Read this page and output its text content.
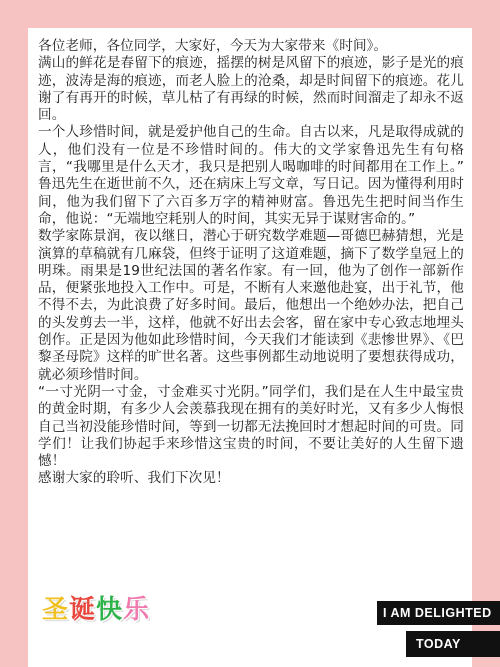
各位老师，各位同学，大家好，今天为大家带来《时间》。

满山的鲜花是春留下的痕迹，摇摆的树是风留下的痕迹，影子是光的痕迹，波涛是海的痕迹，而老人脸上的沧桑，却是时间留下的痕迹。花儿谢了有再开的时候，草儿枯了有再绿的时候，然而时间溜走了却永不返回。

一个人珍惜时间，就是爱护他自己的生命。自古以来，凡是取得成就的人，他们没有一位是不珍惜时间的。伟大的文学家鲁迅先生有句格言，“我哪里是什么天才，我只是把别人喝咖啡的时间都用在工作上。” 鲁迅先生在逝世前不久，还在病床上写文章，写日记。因为懂得利用时间，他为我们留下了六百多万字的精神财富。鲁迅先生把时间当作生命，他说：“无端地空耗别人的时间，其实无异于谋财害命的。”

数学家陈景润，夜以继日，潜心于研究数学难题—哥德巴赫猜想，光是演算的草稿就有几麻袋，但终于证明了这道难题，摘下了数学皇冠上的明珠。雨果是19世纪法国的著名作家。有一回，他为了创作一部新作品，便紧张地投入工作中。可是，不断有人来邀他赴宴，出于礼节，他不得不去，为此浪费了好多时间。最后，他想出一个绝妙办法，把自己的头发剪去一半，这样，他就不好出去会客，留在家中专心致志地埋头创作。正是因为他如此珍惜时间，今天我们才能读到《悲惨世界》、《巴黎圣母院》这样的旷世名著。这些事例都生动地说明了要想获得成功，就必须珍惜时间。

“一寸光阴一寸金，寸金难买寸光阴。”同学们，我们是在人生中最宝贵的黄金时期，有多少人会羡慕我现在拥有的美好时光，又有多少人悔恨自己当初没能珍惜时间，等到一切都无法挽回时才想起时间的可贵。同学们！让我们协起手来珍惜这宝贵的时间，不要让美好的人生留下遗憾！

感谢大家的聆听、我们下次见！

圣诞快乐	I AM DELIGHTED
TODAY
